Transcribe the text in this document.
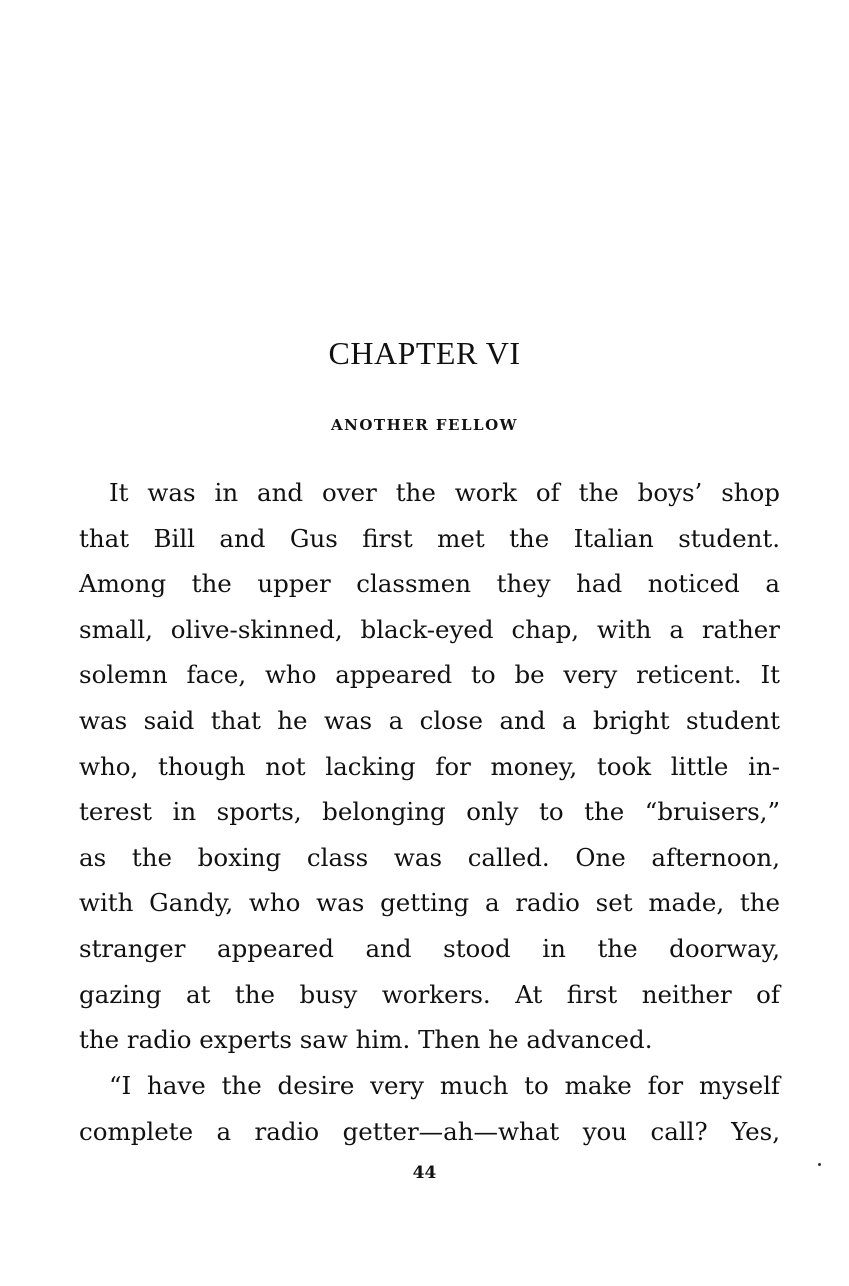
CHAPTER VI
ANOTHER FELLOW
It was in and over the work of the boys’ shop
that Bill and Gus first met the Italian student.
Among the upper classmen they had noticed a
small, olive-skinned, black-eyed chap, with a rather
solemn face, who appeared to be very reticent. It
was said that he was a close and a bright student
who, though not lacking for money, took little in-
terest in sports, belonging only to the “bruisers,”
as the boxing class was called. One afternoon,
with Gandy, who was getting a radio set made, the
stranger appeared and stood in the doorway,
gazing at the busy workers. At first neither of
the radio experts saw him. Then he advanced.
“I have the desire very much to make for myself
complete a radio getter—ah—what you call? Yes,
44
